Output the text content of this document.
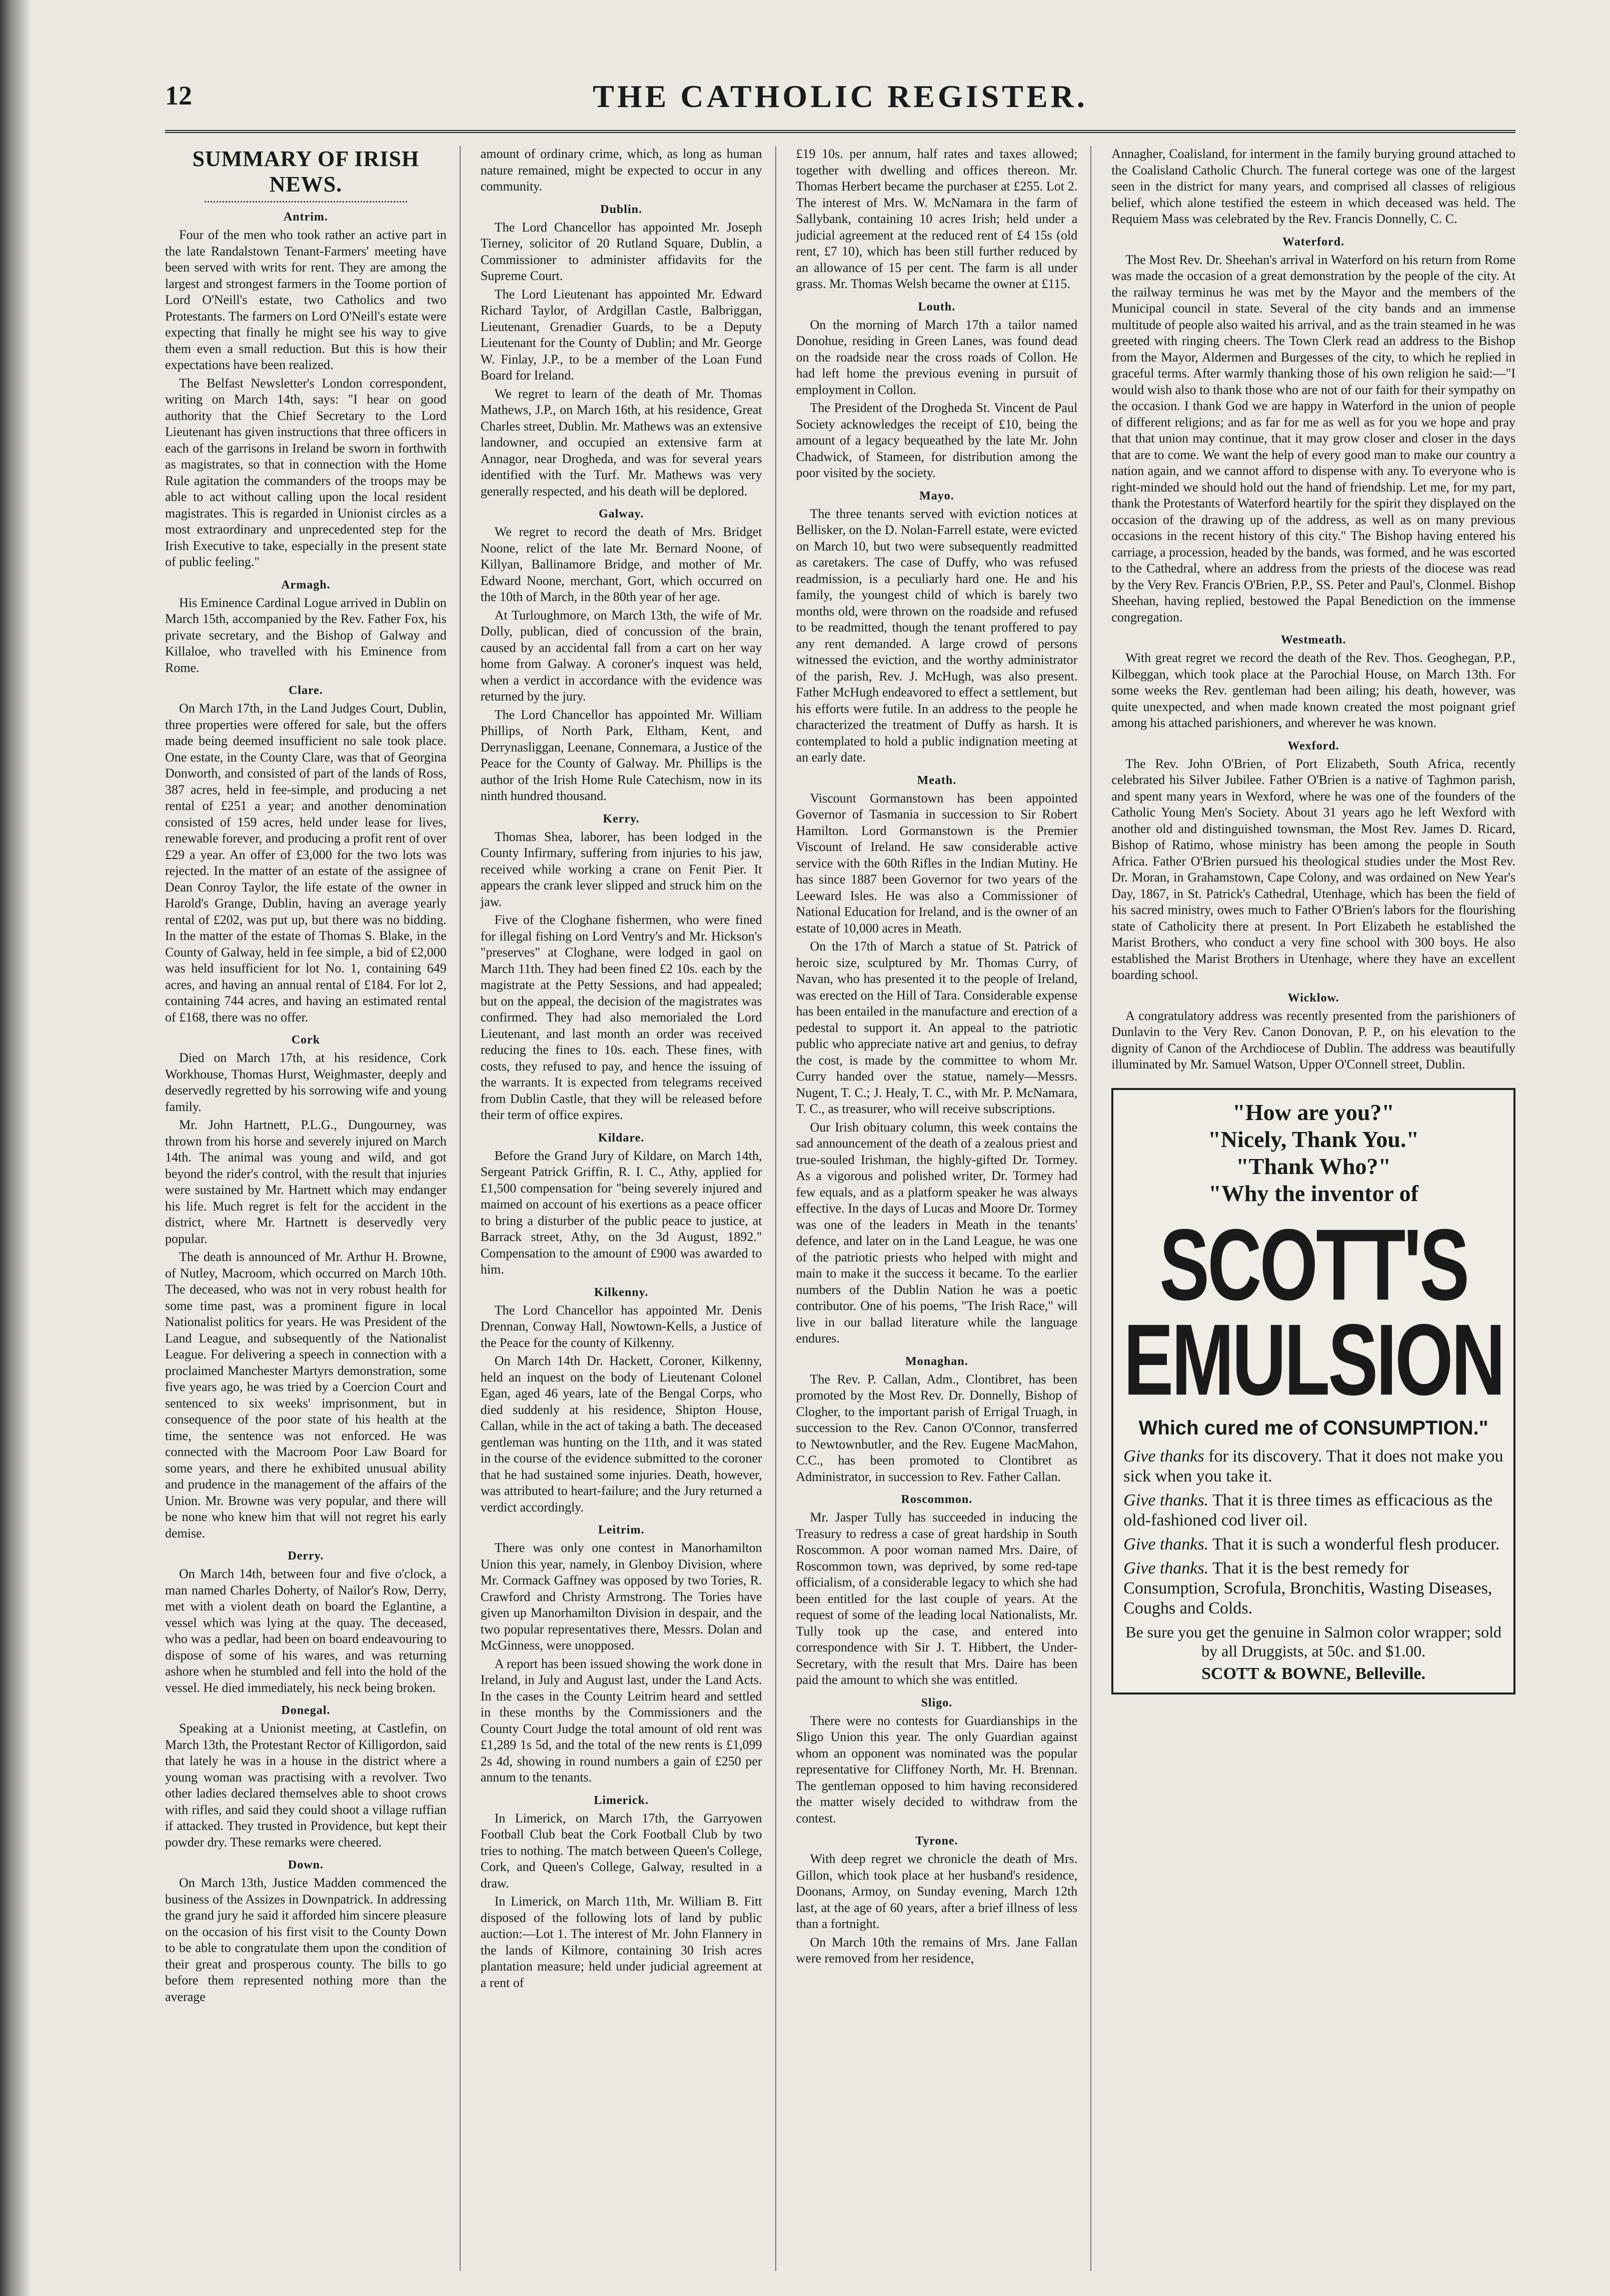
12	THE CATHOLIC REGISTER.
SUMMARY OF IRISH NEWS.
Antrim.

Four of the men who took rather an active part in the late Randalstown Tenant-Farmers' meeting have been served with writs for rent. They are among the largest and strongest farmers in the Toome portion of Lord O'Neill's estate, two Catholics and two Protestants. The farmers on Lord O'Neill's estate were expecting that finally he might see his way to give them even a small reduction. But this is how their expectations have been realized.

The Belfast Newsletter's London correspondent, writing on March 14th, says: "I hear on good authority that the Chief Secretary to the Lord Lieutenant has given instructions that three officers in each of the garrisons in Ireland be sworn in forthwith as magistrates, so that in connection with the Home Rule agitation the commanders of the troops may be able to act without calling upon the local resident magistrates. This is regarded in Unionist circles as a most extraordinary and unprecedented step for the Irish Executive to take, especially in the present state of public feeling."

Armagh.

His Eminence Cardinal Logue arrived in Dublin on March 15th, accompanied by the Rev. Father Fox, his private secretary, and the Bishop of Galway and Killaloe, who travelled with his Eminence from Rome.

Clare.

On March 17th, in the Land Judges Court, Dublin, three properties were offered for sale, but the offers made being deemed insufficient no sale took place. One estate, in the County Clare, was that of Georgina Donworth, and consisted of part of the lands of Ross, 387 acres, held in fee-simple, and producing a net rental of £251 a year; and another denomination consisted of 159 acres, held under lease for lives, renewable forever, and producing a profit rent of over £29 a year. An offer of £3,000 for the two lots was rejected. In the matter of an estate of the assignee of Dean Conroy Taylor, the life estate of the owner in Harold's Grange, Dublin, having an average yearly rental of £202, was put up, but there was no bidding. In the matter of the estate of Thomas S. Blake, in the County of Galway, held in fee simple, a bid of £2,000 was held insufficient for lot No. 1, containing 649 acres, and having an annual rental of £184. For lot 2, containing 744 acres, and having an estimated rental of £168, there was no offer.

Cork

Died on March 17th, at his residence, Cork Workhouse, Thomas Hurst, Weighmaster, deeply and deservedly regretted by his sorrowing wife and young family.

Mr. John Hartnett, P.L.G., Dungourney, was thrown from his horse and severely injured on March 14th. The animal was young and wild, and got beyond the rider's control, with the result that injuries were sustained by Mr. Hartnett which may endanger his life. Much regret is felt for the accident in the district, where Mr. Hartnett is deservedly very popular.

The death is announced of Mr. Arthur H. Browne, of Nutley, Macroom, which occurred on March 10th. The deceased, who was not in very robust health for some time past, was a prominent figure in local Nationalist politics for years. He was President of the Land League, and subsequently of the Nationalist League. For delivering a speech in connection with a proclaimed Manchester Martyrs demonstration, some five years ago, he was tried by a Coercion Court and sentenced to six weeks' imprisonment, but in consequence of the poor state of his health at the time, the sentence was not enforced. He was connected with the Macroom Poor Law Board for some years, and there he exhibited unusual ability and prudence in the management of the affairs of the Union. Mr. Browne was very popular, and there will be none who knew him that will not regret his early demise.

Derry.

On March 14th, between four and five o'clock, a man named Charles Doherty, of Nailor's Row, Derry, met with a violent death on board the Eglantine, a vessel which was lying at the quay. The deceased, who was a pedlar, had been on board endeavouring to dispose of some of his wares, and was returning ashore when he stumbled and fell into the hold of the vessel. He died immediately, his neck being broken.

Donegal.

Speaking at a Unionist meeting, at Castlefin, on March 13th, the Protestant Rector of Killigordon, said that lately he was in a house in the district where a young woman was practising with a revolver. Two other ladies declared themselves able to shoot crows with rifles, and said they could shoot a village ruffian if attacked. They trusted in Providence, but kept their powder dry. These remarks were cheered.

Down.

On March 13th, Justice Madden commenced the business of the Assizes in Downpatrick. In addressing the grand jury he said it afforded him sincere pleasure on the occasion of his first visit to the County Down to be able to congratulate them upon the condition of their great and prosperous county. The bills to go before them represented nothing more than the average

amount of ordinary crime, which, as long as human nature remained, might be expected to occur in any community.

Dublin.

The Lord Chancellor has appointed Mr. Joseph Tierney, solicitor of 20 Rutland Square, Dublin, a Commissioner to administer affidavits for the Supreme Court.

The Lord Lieutenant has appointed Mr. Edward Richard Taylor, of Ardgillan Castle, Balbriggan, Lieutenant, Grenadier Guards, to be a Deputy Lieutenant for the County of Dublin; and Mr. George W. Finlay, J.P., to be a member of the Loan Fund Board for Ireland.

We regret to learn of the death of Mr. Thomas Mathews, J.P., on March 16th, at his residence, Great Charles street, Dublin. Mr. Mathews was an extensive landowner, and occupied an extensive farm at Annagor, near Drogheda, and was for several years identified with the Turf. Mr. Mathews was very generally respected, and his death will be deplored.

Galway.

We regret to record the death of Mrs. Bridget Noone, relict of the late Mr. Bernard Noone, of Killyan, Ballinamore Bridge, and mother of Mr. Edward Noone, merchant, Gort, which occurred on the 10th of March, in the 80th year of her age.

At Turloughmore, on March 13th, the wife of Mr. Dolly, publican, died of concussion of the brain, caused by an accidental fall from a cart on her way home from Galway. A coroner's inquest was held, when a verdict in accordance with the evidence was returned by the jury.

The Lord Chancellor has appointed Mr. William Phillips, of North Park, Eltham, Kent, and Derrynasliggan, Leenane, Connemara, a Justice of the Peace for the County of Galway. Mr. Phillips is the author of the Irish Home Rule Catechism, now in its ninth hundred thousand.

Kerry.

Thomas Shea, laborer, has been lodged in the County Infirmary, suffering from injuries to his jaw, received while working a crane on Fenit Pier. It appears the crank lever slipped and struck him on the jaw.

Five of the Cloghane fishermen, who were fined for illegal fishing on Lord Ventry's and Mr. Hickson's "preserves" at Cloghane, were lodged in gaol on March 11th. They had been fined £2 10s. each by the magistrate at the Petty Sessions, and had appealed; but on the appeal, the decision of the magistrates was confirmed. They had also memorialed the Lord Lieutenant, and last month an order was received reducing the fines to 10s. each. These fines, with costs, they refused to pay, and hence the issuing of the warrants. It is expected from telegrams received from Dublin Castle, that they will be released before their term of office expires.

Kildare.

Before the Grand Jury of Kildare, on March 14th, Sergeant Patrick Griffin, R. I. C., Athy, applied for £1,500 compensation for "being severely injured and maimed on account of his exertions as a peace officer to bring a disturber of the public peace to justice, at Barrack street, Athy, on the 3d August, 1892." Compensation to the amount of £900 was awarded to him.

Kilkenny.

The Lord Chancellor has appointed Mr. Denis Drennan, Conway Hall, Nowtown-Kells, a Justice of the Peace for the county of Kilkenny.

On March 14th Dr. Hackett, Coroner, Kilkenny, held an inquest on the body of Lieutenant Colonel Egan, aged 46 years, late of the Bengal Corps, who died suddenly at his residence, Shipton House, Callan, while in the act of taking a bath. The deceased gentleman was hunting on the 11th, and it was stated in the course of the evidence submitted to the coroner that he had sustained some injuries. Death, however, was attributed to heart-failure; and the Jury returned a verdict accordingly.

Leitrim.

There was only one contest in Manorhamilton Union this year, namely, in Glenboy Division, where Mr. Cormack Gaffney was opposed by two Tories, R. Crawford and Christy Armstrong. The Tories have given up Manorhamilton Division in despair, and the two popular representatives there, Messrs. Dolan and McGinness, were unopposed.

A report has been issued showing the work done in Ireland, in July and August last, under the Land Acts. In the cases in the County Leitrim heard and settled in these months by the Commissioners and the County Court Judge the total amount of old rent was £1,289 1s 5d, and the total of the new rents is £1,099 2s 4d, showing in round numbers a gain of £250 per annum to the tenants.

Limerick.

In Limerick, on March 17th, the Garryowen Football Club beat the Cork Football Club by two tries to nothing. The match between Queen's College, Cork, and Queen's College, Galway, resulted in a draw.

In Limerick, on March 11th, Mr. William B. Fitt disposed of the following lots of land by public auction:—Lot 1. The interest of Mr. John Flannery in the lands of Kilmore, containing 30 Irish acres plantation measure; held under judicial agreement at a rent of

£19 10s. per annum, half rates and taxes allowed; together with dwelling and offices thereon. Mr. Thomas Herbert became the purchaser at £255. Lot 2. The interest of Mrs. W. McNamara in the farm of Sallybank, containing 10 acres Irish; held under a judicial agreement at the reduced rent of £4 15s (old rent, £7 10), which has been still further reduced by an allowance of 15 per cent. The farm is all under grass. Mr. Thomas Welsh became the owner at £115.

Louth.

On the morning of March 17th a tailor named Donohue, residing in Green Lanes, was found dead on the roadside near the cross roads of Collon. He had left home the previous evening in pursuit of employment in Collon.

The President of the Drogheda St. Vincent de Paul Society acknowledges the receipt of £10, being the amount of a legacy bequeathed by the late Mr. John Chadwick, of Stameen, for distribution among the poor visited by the society.

Mayo.

The three tenants served with eviction notices at Bellisker, on the D. Nolan-Farrell estate, were evicted on March 10, but two were subsequently readmitted as caretakers. The case of Duffy, who was refused readmission, is a peculiarly hard one. He and his family, the youngest child of which is barely two months old, were thrown on the roadside and refused to be readmitted, though the tenant proffered to pay any rent demanded. A large crowd of persons witnessed the eviction, and the worthy administrator of the parish, Rev. J. McHugh, was also present. Father McHugh endeavored to effect a settlement, but his efforts were futile. In an address to the people he characterized the treatment of Duffy as harsh. It is contemplated to hold a public indignation meeting at an early date.

Meath.

Viscount Gormanstown has been appointed Governor of Tasmania in succession to Sir Robert Hamilton. Lord Gormanstown is the Premier Viscount of Ireland. He saw considerable active service with the 60th Rifles in the Indian Mutiny. He has since 1887 been Governor for two years of the Leeward Isles. He was also a Commissioner of National Education for Ireland, and is the owner of an estate of 10,000 acres in Meath.

On the 17th of March a statue of St. Patrick of heroic size, sculptured by Mr. Thomas Curry, of Navan, who has presented it to the people of Ireland, was erected on the Hill of Tara. Considerable expense has been entailed in the manufacture and erection of a pedestal to support it. An appeal to the patriotic public who appreciate native art and genius, to defray the cost, is made by the committee to whom Mr. Curry handed over the statue, namely—Messrs. Nugent, T. C.; J. Healy, T. C., with Mr. P. McNamara, T. C., as treasurer, who will receive subscriptions.

Our Irish obituary column, this week contains the sad announcement of the death of a zealous priest and true-souled Irishman, the highly-gifted Dr. Tormey. As a vigorous and polished writer, Dr. Tormey had few equals, and as a platform speaker he was always effective. In the days of Lucas and Moore Dr. Tormey was one of the leaders in Meath in the tenants' defence, and later on in the Land League, he was one of the patriotic priests who helped with might and main to make it the success it became. To the earlier numbers of the Dublin Nation he was a poetic contributor. One of his poems, "The Irish Race," will live in our ballad literature while the language endures.

Monaghan.

The Rev. P. Callan, Adm., Clontibret, has been promoted by the Most Rev. Dr. Donnelly, Bishop of Clogher, to the important parish of Errigal Truagh, in succession to the Rev. Canon O'Connor, transferred to Newtownbutler, and the Rev. Eugene MacMahon, C.C., has been promoted to Clontibret as Administrator, in succession to Rev. Father Callan.

Roscommon.

Mr. Jasper Tully has succeeded in inducing the Treasury to redress a case of great hardship in South Roscommon. A poor woman named Mrs. Daire, of Roscommon town, was deprived, by some red-tape officialism, of a considerable legacy to which she had been entitled for the last couple of years. At the request of some of the leading local Nationalists, Mr. Tully took up the case, and entered into correspondence with Sir J. T. Hibbert, the Under-Secretary, with the result that Mrs. Daire has been paid the amount to which she was entitled.

Sligo.

There were no contests for Guardianships in the Sligo Union this year. The only Guardian against whom an opponent was nominated was the popular representative for Cliffoney North, Mr. H. Brennan. The gentleman opposed to him having reconsidered the matter wisely decided to withdraw from the contest.

Tyrone.

With deep regret we chronicle the death of Mrs. Gillon, which took place at her husband's residence, Doonans, Armoy, on Sunday evening, March 12th last, at the age of 60 years, after a brief illness of less than a fortnight.

On March 10th the remains of Mrs. Jane Fallan were removed from her residence,

Annagher, Coalisland, for interment in the family burying ground attached to the Coalisland Catholic Church. The funeral cortege was one of the largest seen in the district for many years, and comprised all classes of religious belief, which alone testified the esteem in which deceased was held. The Requiem Mass was celebrated by the Rev. Francis Donnelly, C. C.

Waterford.

The Most Rev. Dr. Sheehan's arrival in Waterford on his return from Rome was made the occasion of a great demonstration by the people of the city. At the railway terminus he was met by the Mayor and the members of the Municipal council in state. Several of the city bands and an immense multitude of people also waited his arrival, and as the train steamed in he was greeted with ringing cheers. The Town Clerk read an address to the Bishop from the Mayor, Aldermen and Burgesses of the city, to which he replied in graceful terms. After warmly thanking those of his own religion he said:—"I would wish also to thank those who are not of our faith for their sympathy on the occasion. I thank God we are happy in Waterford in the union of people of different religions; and as far for me as well as for you we hope and pray that that union may continue, that it may grow closer and closer in the days that are to come. We want the help of every good man to make our country a nation again, and we cannot afford to dispense with any. To everyone who is right-minded we should hold out the hand of friendship. Let me, for my part, thank the Protestants of Waterford heartily for the spirit they displayed on the occasion of the drawing up of the address, as well as on many previous occasions in the recent history of this city." The Bishop having entered his carriage, a procession, headed by the bands, was formed, and he was escorted to the Cathedral, where an address from the priests of the diocese was read by the Very Rev. Francis O'Brien, P.P., SS. Peter and Paul's, Clonmel. Bishop Sheehan, having replied, bestowed the Papal Benediction on the immense congregation.

Westmeath.

With great regret we record the death of the Rev. Thos. Geoghegan, P.P., Kilbeggan, which took place at the Parochial House, on March 13th. For some weeks the Rev. gentleman had been ailing; his death, however, was quite unexpected, and when made known created the most poignant grief among his attached parishioners, and wherever he was known.

Wexford.

The Rev. John O'Brien, of Port Elizabeth, South Africa, recently celebrated his Silver Jubilee. Father O'Brien is a native of Taghmon parish, and spent many years in Wexford, where he was one of the founders of the Catholic Young Men's Society. About 31 years ago he left Wexford with another old and distinguished townsman, the Most Rev. James D. Ricard, Bishop of Ratimo, whose ministry has been among the people in South Africa. Father O'Brien pursued his theological studies under the Most Rev. Dr. Moran, in Grahamstown, Cape Colony, and was ordained on New Year's Day, 1867, in St. Patrick's Cathedral, Utenhage, which has been the field of his sacred ministry, owes much to Father O'Brien's labors for the flourishing state of Catholicity there at present. In Port Elizabeth he established the Marist Brothers, who conduct a very fine school with 300 boys. He also established the Marist Brothers in Utenhage, where they have an excellent boarding school.

Wicklow.

A congratulatory address was recently presented from the parishioners of Dunlavin to the Very Rev. Canon Donovan, P. P., on his elevation to the dignity of Canon of the Archdiocese of Dublin. The address was beautifully illuminated by Mr. Samuel Watson, Upper O'Connell street, Dublin.

"How are you?"
"Nicely, Thank You."
"Thank Who?"
"Why the inventor of
SCOTT'S
EMULSION
Which cured me of CONSUMPTION."

Give thanks for its discovery. That it does not make you sick when you take it.

Give thanks. That it is three times as efficacious as the old-fashioned cod liver oil.

Give thanks. That it is such a wonderful flesh producer.

Give thanks. That it is the best remedy for Consumption, Scrofula, Bronchitis, Wasting Diseases, Coughs and Colds.

Be sure you get the genuine in Salmon color wrapper; sold by all Druggists, at 50c. and $1.00.
SCOTT & BOWNE, Belleville.
